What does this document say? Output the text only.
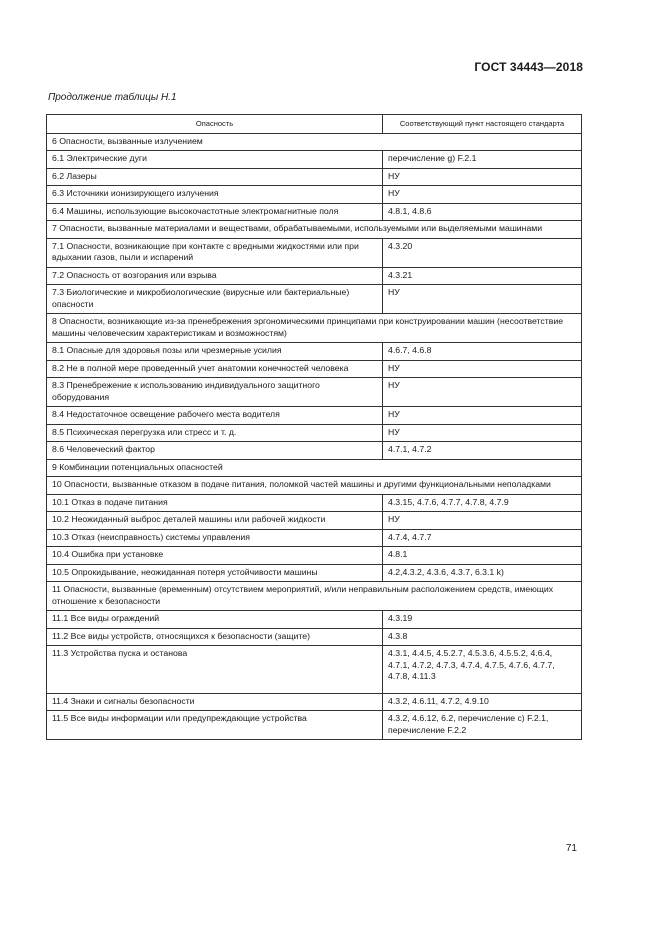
ГОСТ 34443—2018
Продолжение таблицы Н.1
Опасность	Соответствующий пункт настоящего стандарта
6 Опасности, вызванные излучением	
6.1 Электрические дуги	перечисление g) F.2.1
6.2 Лазеры	НУ
6.3 Источники ионизирующего излучения	НУ
6.4 Машины, использующие высокочастотные электромагнитные поля	4.8.1, 4.8.6
7 Опасности, вызванные материалами и веществами, обрабатываемыми, используемыми или выделяемыми машинами	
7.1 Опасности, возникающие при контакте с вредными жидкостями или при вдыхании газов, пыли и испарений	4.3.20
7.2 Опасность от возгорания или взрыва	4.3.21
7.3 Биологические и микробиологические (вирусные или бактериальные) опасности	НУ
8 Опасности, возникающие из-за пренебрежения эргономическими принципами при конструировании машин (несоответствие машины человеческим характеристикам и возможностям)	
8.1 Опасные для здоровья позы или чрезмерные усилия	4.6.7, 4.6.8
8.2 Не в полной мере проведенный учет анатомии конечностей человека	НУ
8.3 Пренебрежение к использованию индивидуального защитного оборудования	НУ
8.4 Недостаточное освещение рабочего места водителя	НУ
8.5 Психическая перегрузка или стресс и т. д.	НУ
8.6 Человеческий фактор	4.7.1, 4.7.2
9 Комбинации потенциальных опасностей	
10 Опасности, вызванные отказом в подаче питания, поломкой частей машины и другими функциональными неполадками	
10.1 Отказ в подаче питания	4.3.15, 4.7.6, 4.7.7, 4.7.8, 4.7.9
10.2 Неожиданный выброс деталей машины или рабочей жидкости	НУ
10.3 Отказ (неисправность) системы управления	4.7.4, 4.7.7
10.4 Ошибка при установке	4.8.1
10.5 Опрокидывание, неожиданная потеря устойчивости машины	4.2,4.3.2, 4.3.6, 4.3.7, 6.3.1 k)
11 Опасности, вызванные (временным) отсутствием мероприятий, и/или неправильным расположением средств, имеющих отношение к безопасности	
11.1 Все виды ограждений	4.3.19
11.2 Все виды устройств, относящихся к безопасности (защите)	4.3.8
11.3 Устройства пуска и останова	4.3.1, 4.4.5, 4.5.2.7, 4.5.3.6, 4.5.5.2, 4.6.4, 4.7.1, 4.7.2, 4.7.3, 4.7.4, 4.7.5, 4.7.6, 4.7.7, 4.7.8, 4.11.3
11.4 Знаки и сигналы безопасности	4.3.2, 4.6.11, 4.7.2, 4.9.10
11.5 Все виды информации или предупреждающие устройства	4.3.2, 4.6.12, 6.2, перечисление c) F.2.1, перечисление F.2.2
71
